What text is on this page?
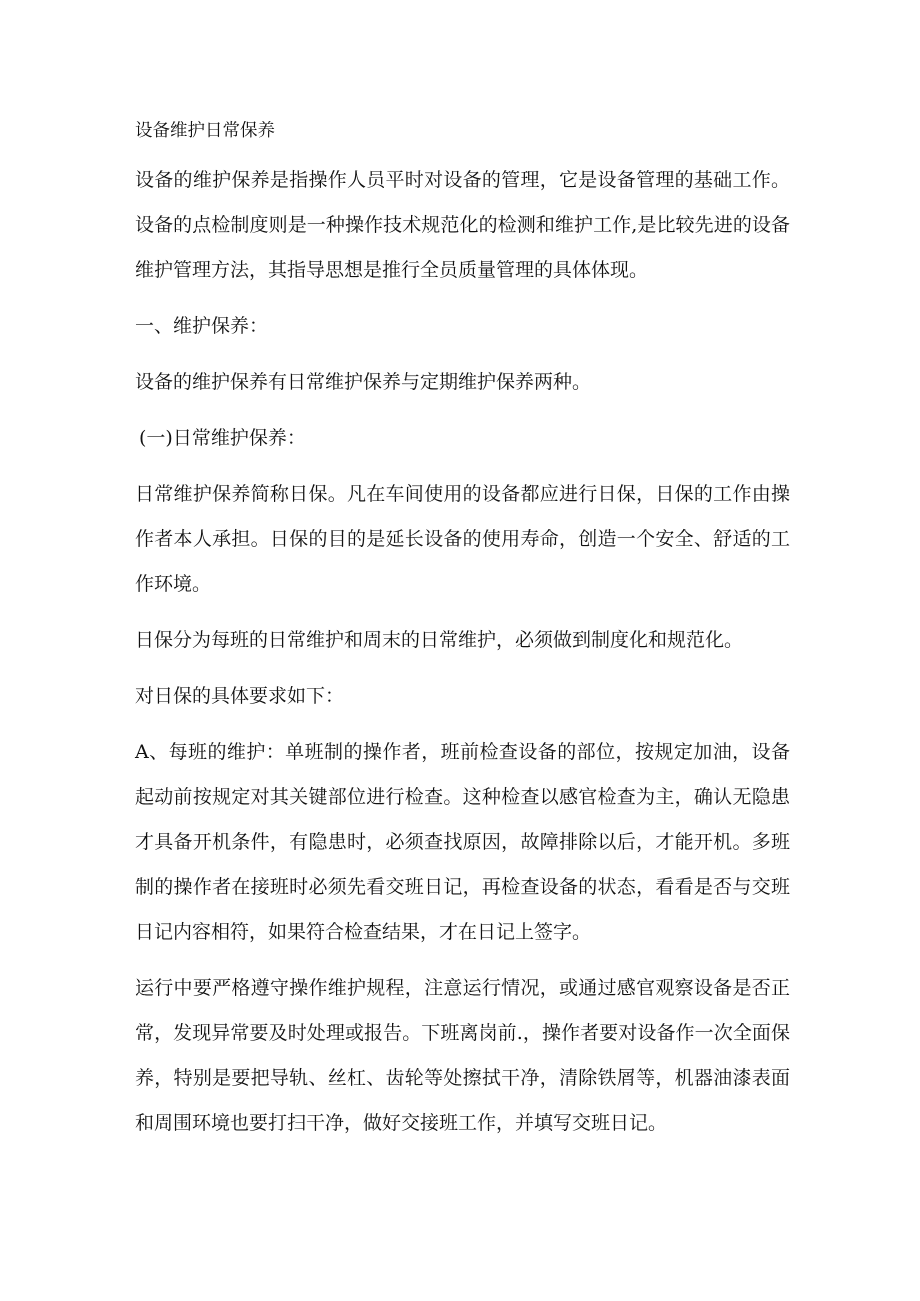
设备维护日常保养
设备的维护保养是指操作人员平时对设备的管理，它是设备管理的基础工作。设备的点检制度则是一种操作技术规范化的检测和维护工作,是比较先进的设备维护管理方法，其指导思想是推行全员质量管理的具体体现。
一、维护保养：
设备的维护保养有日常维护保养与定期维护保养两种。
(一)日常维护保养：
日常维护保养简称日保。凡在车间使用的设备都应进行日保，日保的工作由操作者本人承担。日保的目的是延长设备的使用寿命，创造一个安全、舒适的工作环境。
日保分为每班的日常维护和周末的日常维护，必须做到制度化和规范化。
对日保的具体要求如下：
A、每班的维护：单班制的操作者，班前检查设备的部位，按规定加油，设备起动前按规定对其关键部位进行检查。这种检查以感官检查为主，确认无隐患才具备开机条件，有隐患时，必须查找原因，故障排除以后，才能开机。多班制的操作者在接班时必须先看交班日记，再检查设备的状态，看看是否与交班日记内容相符，如果符合检查结果，才在日记上签字。
运行中要严格遵守操作维护规程，注意运行情况，或通过感官观察设备是否正常，发现异常要及时处理或报告。下班离岗前.，操作者要对设备作一次全面保养，特别是要把导轨、丝杠、齿轮等处擦拭干净，清除铁屑等，机器油漆表面和周围环境也要打扫干净，做好交接班工作，并填写交班日记。
